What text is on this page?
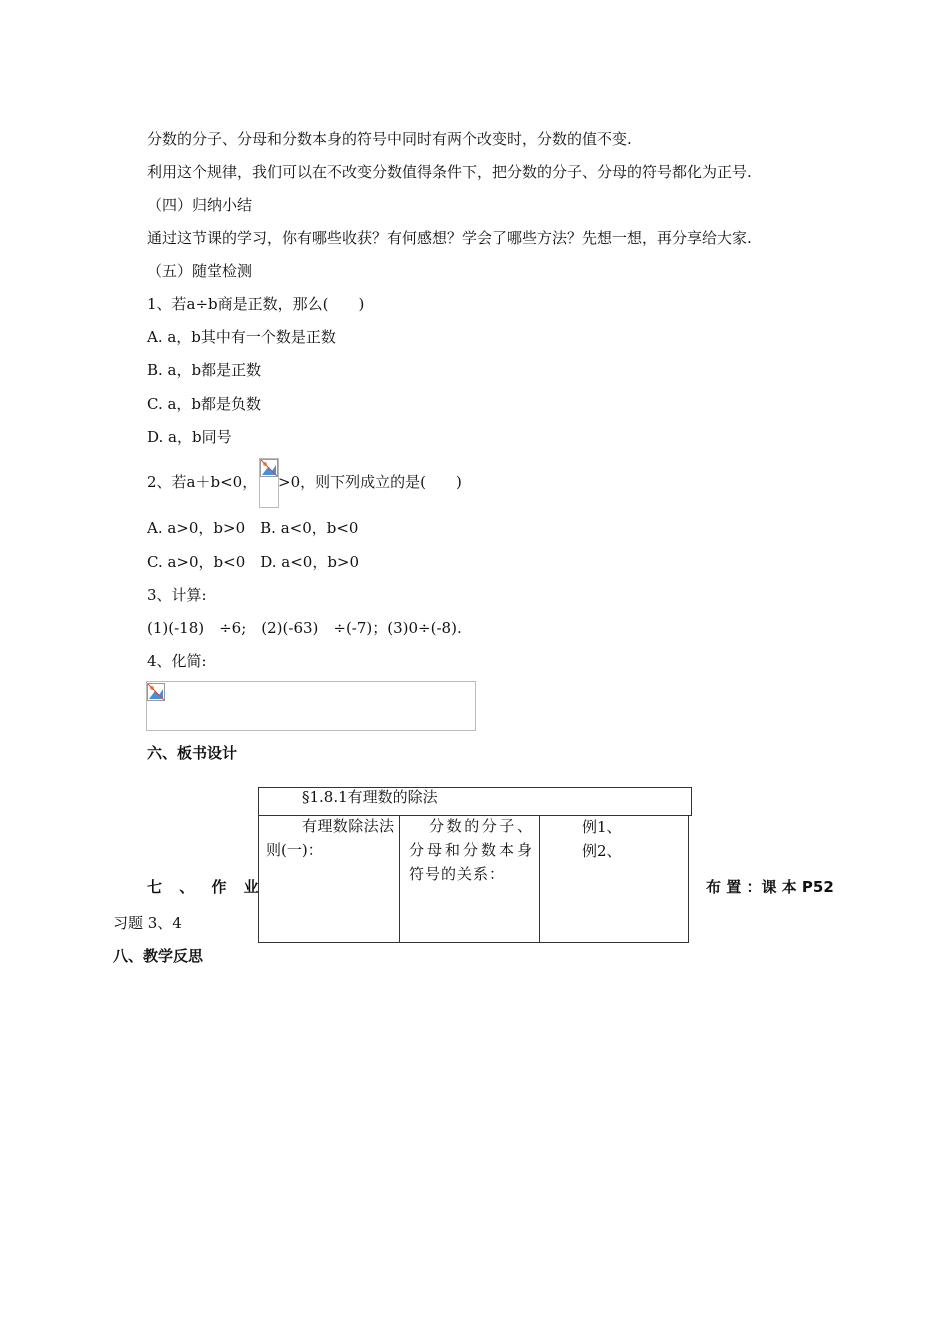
分数的分子、分母和分数本身的符号中同时有两个改变时，分数的值不变.
利用这个规律，我们可以在不改变分数值得条件下，把分数的分子、分母的符号都化为正号.
（四）归纳小结
通过这节课的学习，你有哪些收获？有何感想？学会了哪些方法？先想一想，再分享给大家.
（五）随堂检测
1、若a÷b商是正数，那么(　　)
A. a，b其中有一个数是正数
B. a，b都是正数
C. a，b都是负数
D. a，b同号
2、若a＋b<0， >0，则下列成立的是(　　)
A. a>0，b>0　B. a<0，b<0
C. a>0，b<0　D. a<0，b>0
3、计算:
(1)(-18)　÷6;　(2)(-63)　÷(-7)；(3)0÷(-8).
4、化简:
六、板书设计
§1.8.1有理数的除法
有理数除法法则(一)：
分数的分子、分母和分数本身符号的关系：
例1、
例2、
七 、 作 业	布 置 ：课 本 P52
习题 3、4
八、教学反思
